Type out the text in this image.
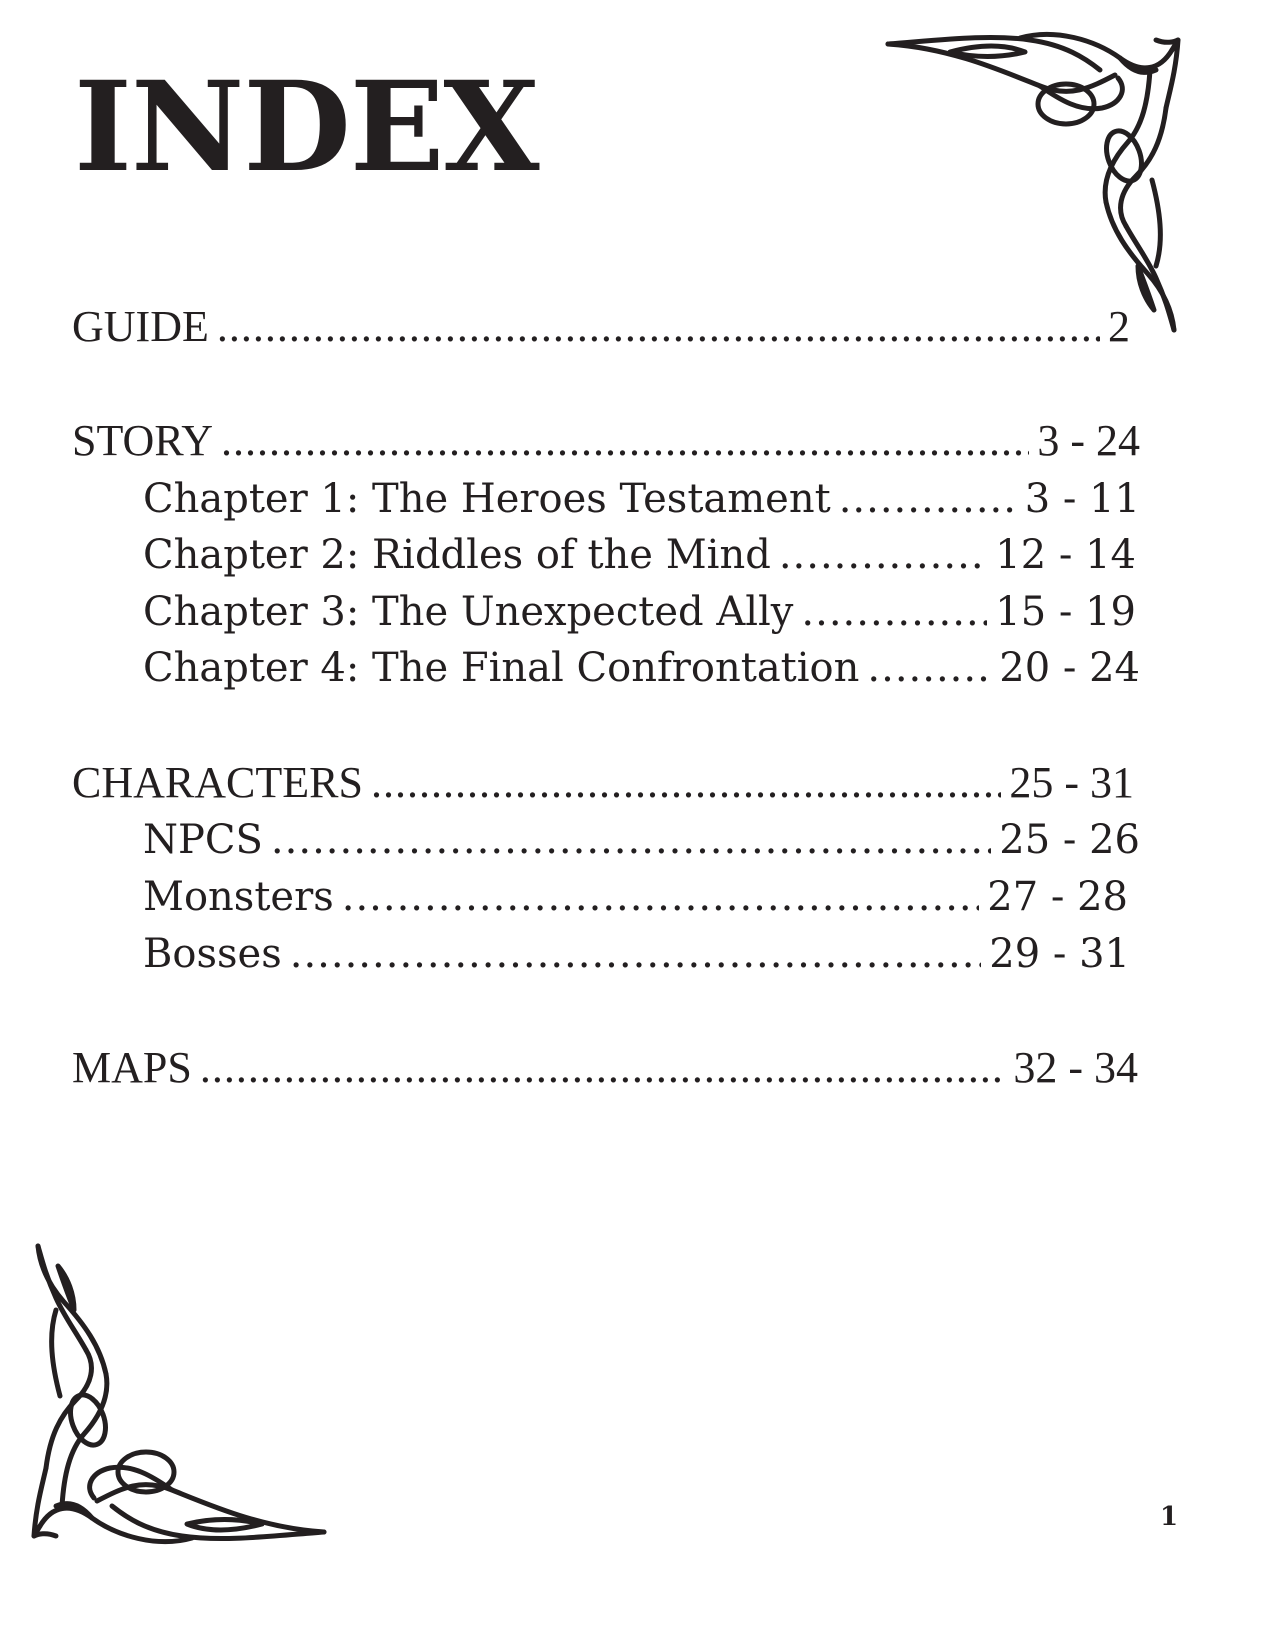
INDEX
GUIDE .....	2
STORY .....	3 - 24
Chapter 1: The Heroes Testament .....	3 - 11
Chapter 2: Riddles of the Mind .....	12 - 14
Chapter 3: The Unexpected Ally .....	15 - 19
Chapter 4: The Final Confrontation .....	20 - 24
CHARACTERS .....	25 - 31
NPCS .....	25 - 26
Monsters .....	27 - 28
Bosses .....	29 - 31
MAPS .....	32 - 34
1
